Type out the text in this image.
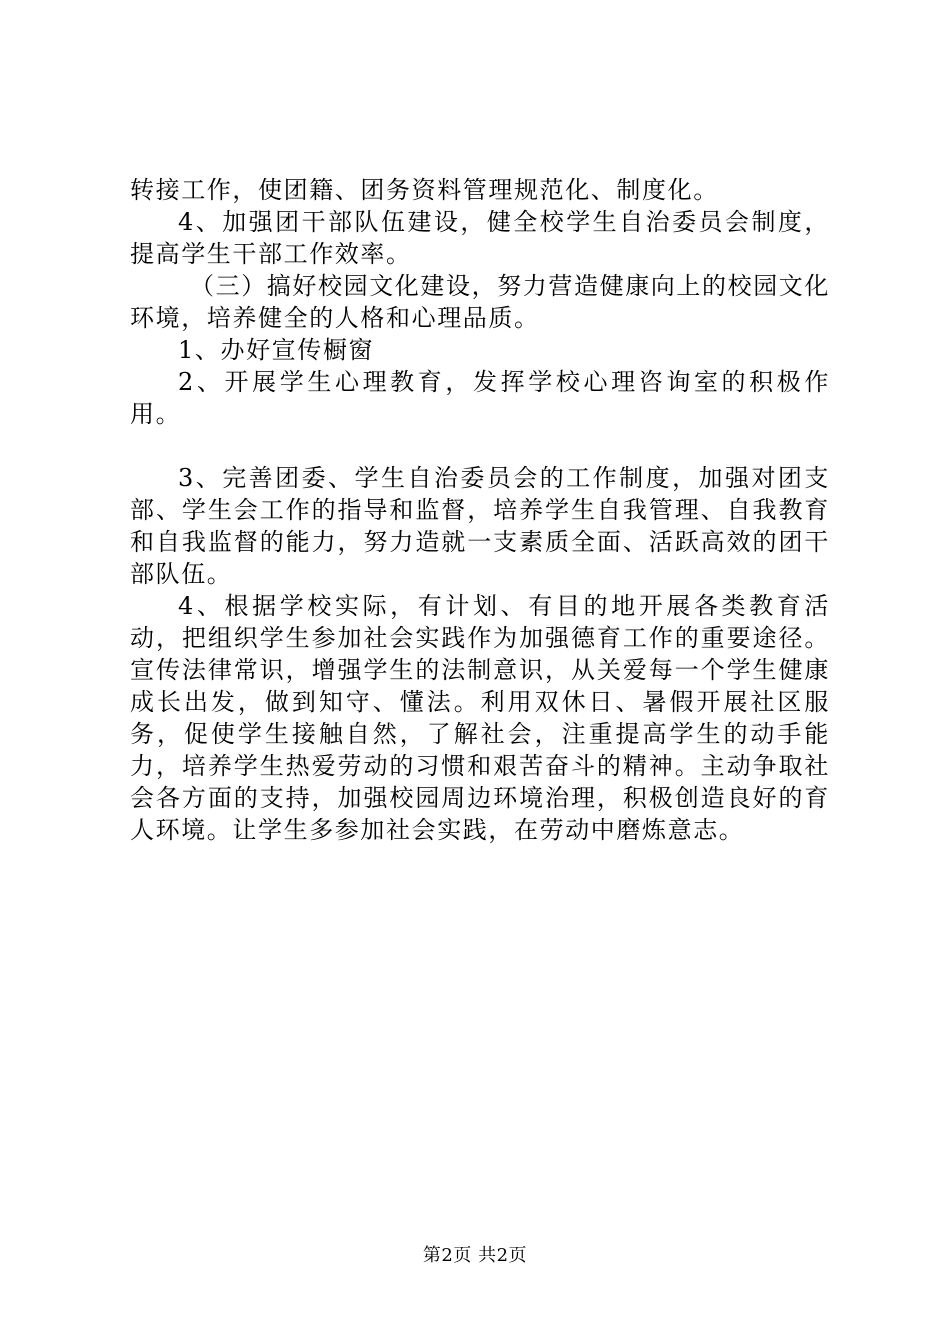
转接工作，使团籍、团务资料管理规范化、制度化。

4、加强团干部队伍建设，健全校学生自治委员会制度，提高学生干部工作效率。

（三）搞好校园文化建设，努力营造健康向上的校园文化环境，培养健全的人格和心理品质。

1、办好宣传橱窗

2、开展学生心理教育，发挥学校心理咨询室的积极作用。

3、完善团委、学生自治委员会的工作制度，加强对团支部、学生会工作的指导和监督，培养学生自我管理、自我教育和自我监督的能力，努力造就一支素质全面、活跃高效的团干部队伍。

4、根据学校实际，有计划、有目的地开展各类教育活动，把组织学生参加社会实践作为加强德育工作的重要途径。宣传法律常识，增强学生的法制意识，从关爱每一个学生健康成长出发，做到知守、懂法。利用双休日、暑假开展社区服务，促使学生接触自然，了解社会，注重提高学生的动手能力，培养学生热爱劳动的习惯和艰苦奋斗的精神。主动争取社会各方面的支持，加强校园周边环境治理，积极创造良好的育人环境。让学生多参加社会实践，在劳动中磨炼意志。

第2页 共2页
